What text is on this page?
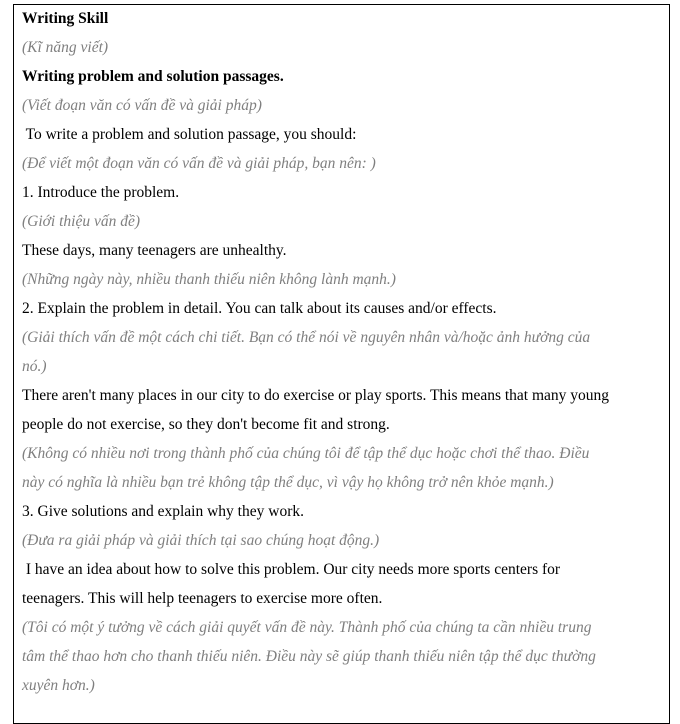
Writing Skill
(Kĩ năng viết)
Writing problem and solution passages.
(Viết đoạn văn có vấn đề và giải pháp)
To write a problem and solution passage, you should:
(Để viết một đoạn văn có vấn đề và giải pháp, bạn nên: )
1. Introduce the problem.
(Giới thiệu vấn đề)
These days, many teenagers are unhealthy.
(Những ngày này, nhiều thanh thiếu niên không lành mạnh.)
2. Explain the problem in detail. You can talk about its causes and/or effects.
(Giải thích vấn đề một cách chi tiết. Bạn có thể nói về nguyên nhân và/hoặc ảnh hưởng của
nó.)
There aren't many places in our city to do exercise or play sports. This means that many young
people do not exercise, so they don't become fit and strong.
(Không có nhiều nơi trong thành phố của chúng tôi để tập thể dục hoặc chơi thể thao. Điều
này có nghĩa là nhiều bạn trẻ không tập thể dục, vì vậy họ không trở nên khỏe mạnh.)
3. Give solutions and explain why they work.
(Đưa ra giải pháp và giải thích tại sao chúng hoạt động.)
I have an idea about how to solve this problem. Our city needs more sports centers for
teenagers. This will help teenagers to exercise more often.
(Tôi có một ý tưởng về cách giải quyết vấn đề này. Thành phố của chúng ta cần nhiều trung
tâm thể thao hơn cho thanh thiếu niên. Điều này sẽ giúp thanh thiếu niên tập thể dục thường
xuyên hơn.)
